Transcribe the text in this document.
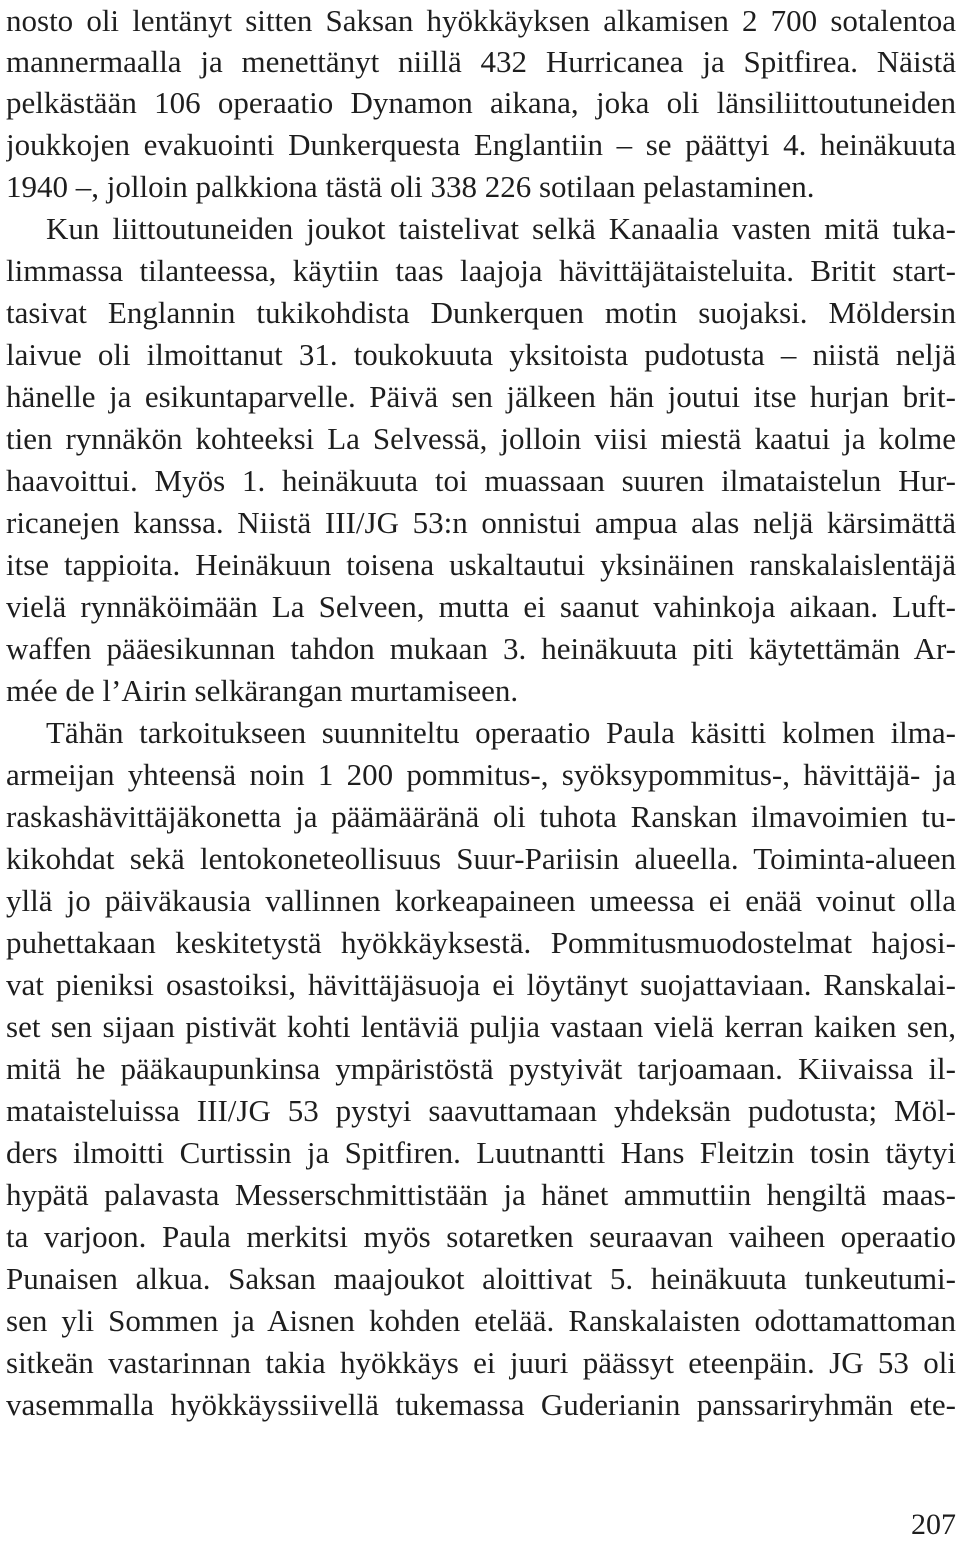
nosto oli lentänyt sitten Saksan hyökkäyksen alkamisen 2 700 sotalentoa
mannermaalla ja menettänyt niillä 432 Hurricanea ja Spitfirea. Näistä
pelkästään 106 operaatio Dynamon aikana, joka oli länsiliittoutuneiden
joukkojen evakuointi Dunkerquesta Englantiin – se päättyi 4. heinäkuuta
1940 –, jolloin palkkiona tästä oli 338 226 sotilaan pelastaminen.
Kun liittoutuneiden joukot taistelivat selkä Kanaalia vasten mitä tuka-
limmassa tilanteessa, käytiin taas laajoja hävittäjätaisteluita. Britit start-
tasivat Englannin tukikohdista Dunkerquen motin suojaksi. Möldersin
laivue oli ilmoittanut 31. toukokuuta yksitoista pudotusta – niistä neljä
hänelle ja esikuntaparvelle. Päivä sen jälkeen hän joutui itse hurjan brit-
tien rynnäkön kohteeksi La Selvessä, jolloin viisi miestä kaatui ja kolme
haavoittui. Myös 1. heinäkuuta toi muassaan suuren ilmataistelun Hur-
ricanejen kanssa. Niistä III/JG 53:n onnistui ampua alas neljä kärsimättä
itse tappioita. Heinäkuun toisena uskaltautui yksinäinen ranskalaislentäjä
vielä rynnäköimään La Selveen, mutta ei saanut vahinkoja aikaan. Luft-
waffen pääesikunnan tahdon mukaan 3. heinäkuuta piti käytettämän Ar-
mée de l’Airin selkärangan murtamiseen.
Tähän tarkoitukseen suunniteltu operaatio Paula käsitti kolmen ilma-
armeijan yhteensä noin 1 200 pommitus-, syöksypommitus-, hävittäjä- ja
raskashävittäjäkonetta ja päämääränä oli tuhota Ranskan ilmavoimien tu-
kikohdat sekä lentokoneteollisuus Suur-Pariisin alueella. Toiminta-alueen
yllä jo päiväkausia vallinnen korkeapaineen umeessa ei enää voinut olla
puhettakaan keskitetystä hyökkäyksestä. Pommitusmuodostelmat hajosi-
vat pieniksi osastoiksi, hävittäjäsuoja ei löytänyt suojattaviaan. Ranskalai-
set sen sijaan pistivät kohti lentäviä puljia vastaan vielä kerran kaiken sen,
mitä he pääkaupunkinsa ympäristöstä pystyivät tarjoamaan. Kiivaissa il-
mataisteluissa III/JG 53 pystyi saavuttamaan yhdeksän pudotusta; Möl-
ders ilmoitti Curtissin ja Spitfiren. Luutnantti Hans Fleitzin tosin täytyi
hypätä palavasta Messerschmittistään ja hänet ammuttiin hengiltä maas-
ta varjoon. Paula merkitsi myös sotaretken seuraavan vaiheen operaatio
Punaisen alkua. Saksan maajoukot aloittivat 5. heinäkuuta tunkeutumi-
sen yli Sommen ja Aisnen kohden etelää. Ranskalaisten odottamattoman
sitkeän vastarinnan takia hyökkäys ei juuri päässyt eteenpäin. JG 53 oli
vasemmalla hyökkäyssiivellä tukemassa Guderianin panssariryhmän ete-
207
